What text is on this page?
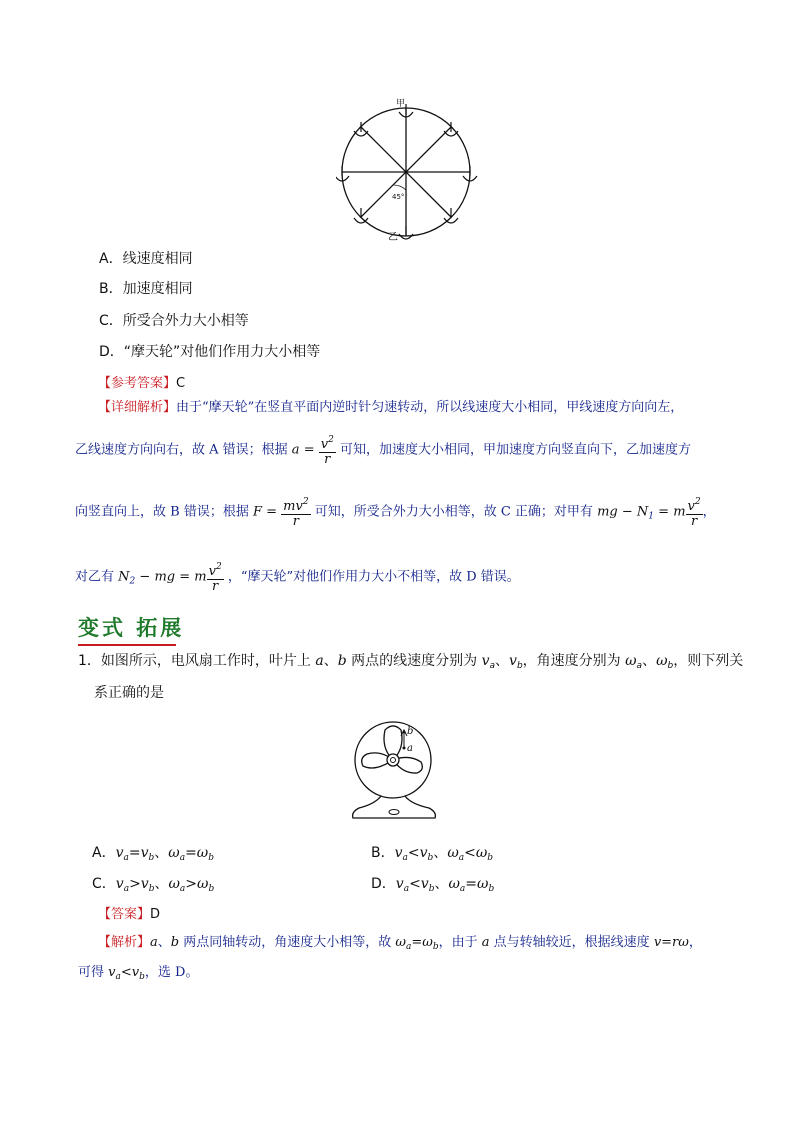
甲
乙
45°
A．线速度相同
B．加速度相同
C．所受合外力大小相等
D．“摩天轮”对他们作用力大小相等
【参考答案】C
【详细解析】由于“摩天轮”在竖直平面内逆时针匀速转动，所以线速度大小相同，甲线速度方向向左，
乙线速度方向向右，故 A 错误；根据 $a = \frac{v^2}{r}$ 可知，加速度大小相同，甲加速度方向竖直向下，乙加速度方
向竖直向上，故 B 错误；根据 $F = \frac{mv^2}{r}$ 可知，所受合外力大小相等，故 C 正确；对甲有 mg − $N_1 = m \frac{v^2}{r}$ ，
对乙有 $N_2$ − mg = m $\frac{v^2}{r}$ ，“摩天轮”对他们作用力大小不相等，故 D 错误。
变式 拓展
1．如图所示，电风扇工作时，叶片上 a、b 两点的线速度分别为 $v_a$、$v_b$，角速度分别为 $\omega_a$、$\omega_b$，则下列关
系正确的是
a
b
A．$v_a=v_b$、$\omega_a=\omega_b$	B．$v_a<v_b$、$\omega_a<\omega_b$
C．$v_a>v_b$、$\omega_a>\omega_b$	D．$v_a<v_b$、$\omega_a=\omega_b$
【答案】D
【解析】a、b 两点同轴转动，角速度大小相等，故 $\omega_a=\omega_b$，由于 a 点与转轴较近，根据线速度 v=rω，
可得 $v_a<v_b$，选 D。
